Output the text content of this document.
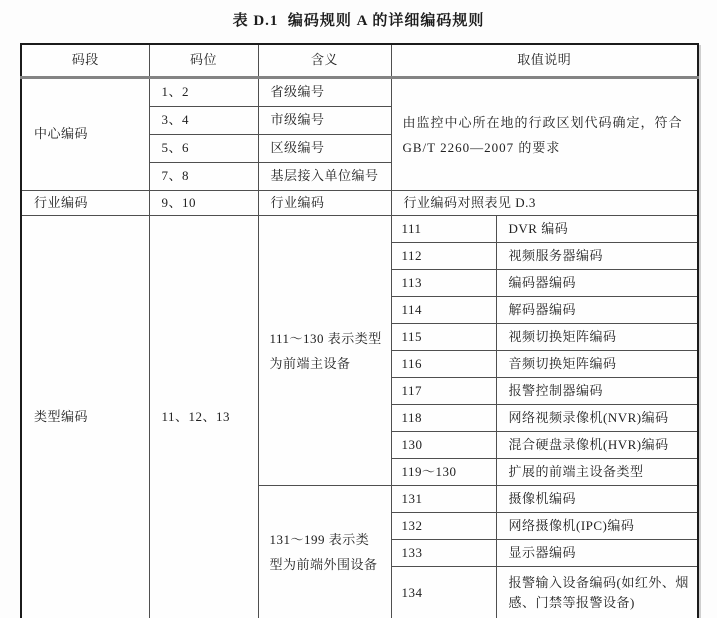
表 D.1  编码规则 A 的详细编码规则
码段	码位	含义	取值说明	
中心编码	1、2	省级编号	由监控中心所在地的行政区划代码确定，符合 GB/T 2260—2007 的要求	
	3、4	市级编号		
	5、6	区级编号		
	7、8	基层接入单位编号		
行业编码	9、10	行业编码	行业编码对照表见 D.3	
类型编码	11、12、13	111～130 表示类型为前端主设备	111	DVR 编码
			112	视频服务器编码
			113	编码器编码
			114	解码器编码
			115	视频切换矩阵编码
			116	音频切换矩阵编码
			117	报警控制器编码
			118	网络视频录像机(NVR)编码
			130	混合硬盘录像机(HVR)编码
			119～130	扩展的前端主设备类型
		131～199 表示类型为前端外围设备	131	摄像机编码
			132	网络摄像机(IPC)编码
			133	显示器编码
			134	报警输入设备编码(如红外、烟感、门禁等报警设备)
